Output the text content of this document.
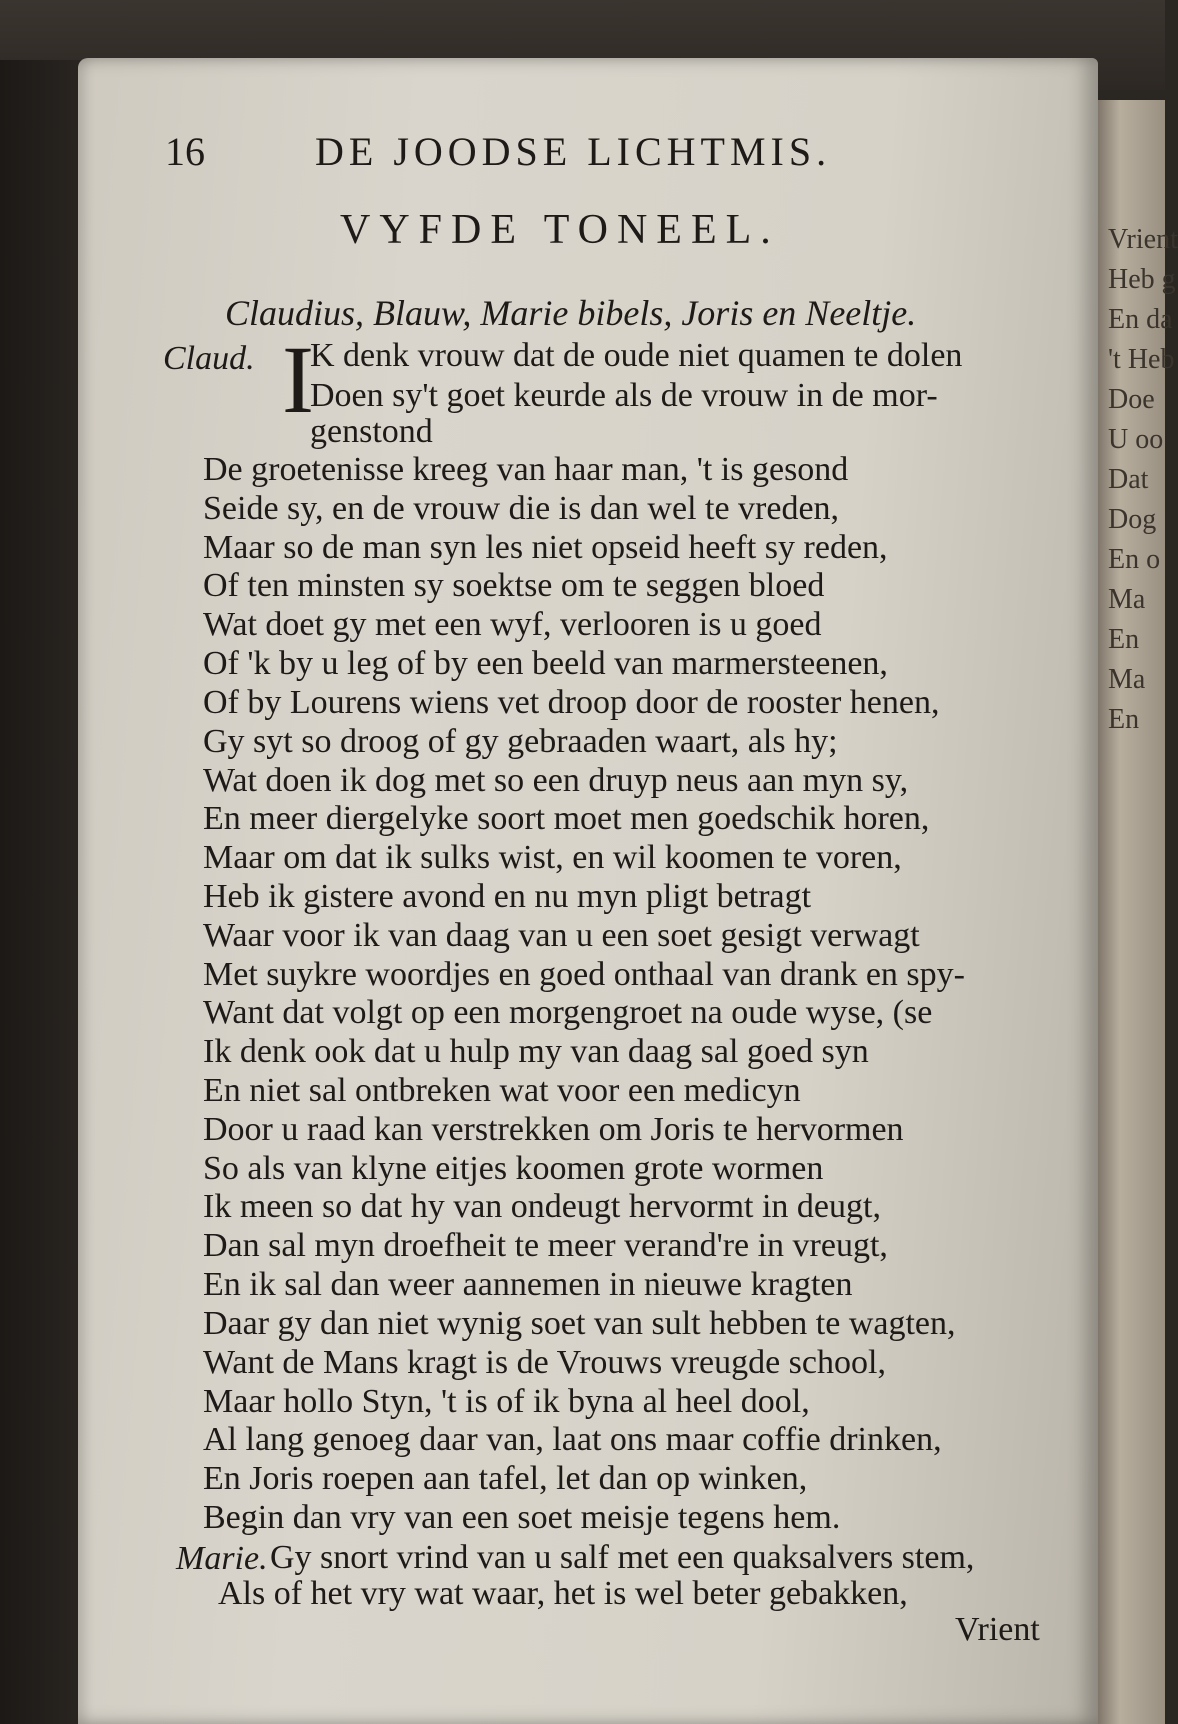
Vrient
Heb g
En da
't Heb
Doe
U oo
Dat
Dog
En o
Ma
En
Ma
En
16	DE JOODSE LICHTMIS.
VYFDE TONEEL.
Claudius, Blauw, Marie bibels, Joris en Neeltje.
Claud. I
Marie.
K denk vrouw dat de oude niet quamen te dolen
Doen sy't goet keurde als de vrouw in de mor-
genstond
De groetenisse kreeg van haar man, 't is gesond
Seide sy, en de vrouw die is dan wel te vreden,
Maar so de man syn les niet opseid heeft sy reden,
Of ten minsten sy soektse om te seggen bloed
Wat doet gy met een wyf, verlooren is u goed
Of 'k by u leg of by een beeld van marmersteenen,
Of by Lourens wiens vet droop door de rooster henen,
Gy syt so droog of gy gebraaden waart, als hy;
Wat doen ik dog met so een druyp neus aan myn sy,
En meer diergelyke soort moet men goedschik horen,
Maar om dat ik sulks wist, en wil koomen te voren,
Heb ik gistere avond en nu myn pligt betragt
Waar voor ik van daag van u een soet gesigt verwagt
Met suykre woordjes en goed onthaal van drank en spy-
Want dat volgt op een morgengroet na oude wyse, (se
Ik denk ook dat u hulp my van daag sal goed syn
En niet sal ontbreken wat voor een medicyn
Door u raad kan verstrekken om Joris te hervormen
So als van klyne eitjes koomen grote wormen
Ik meen so dat hy van ondeugt hervormt in deugt,
Dan sal myn droefheit te meer verand're in vreugt,
En ik sal dan weer aannemen in nieuwe kragten
Daar gy dan niet wynig soet van sult hebben te wagten,
Want de Mans kragt is de Vrouws vreugde school,
Maar hollo Styn, 't is of ik byna al heel dool,
Al lang genoeg daar van, laat ons maar coffie drinken,
En Joris roepen aan tafel, let dan op winken,
Begin dan vry van een soet meisje tegens hem.
Gy snort vrind van u salf met een quaksalvers stem,
Als of het vry wat waar, het is wel beter gebakken,
Vrient
